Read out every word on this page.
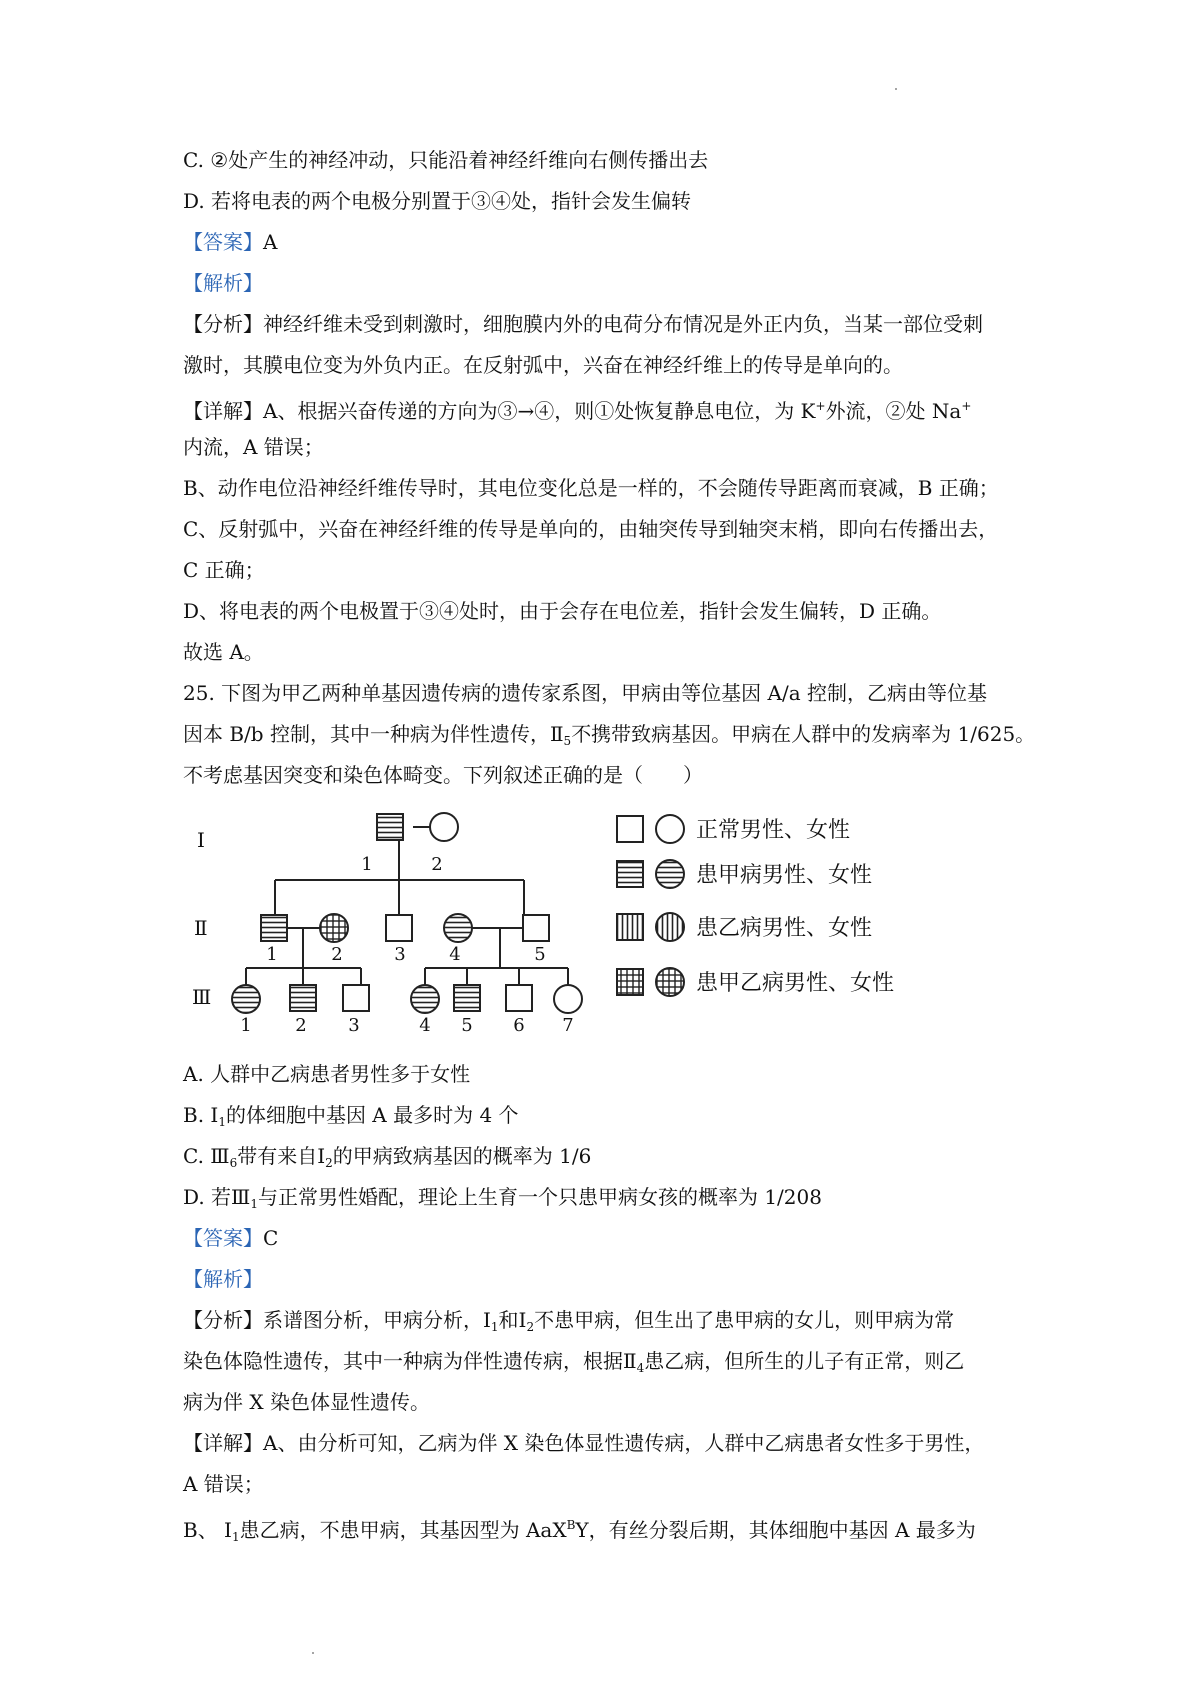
C. ②处产生的神经冲动，只能沿着神经纤维向右侧传播出去
D. 若将电表的两个电极分别置于③④处，指针会发生偏转
【答案】A
【解析】
【分析】神经纤维未受到刺激时，细胞膜内外的电荷分布情况是外正内负，当某一部位受刺
激时，其膜电位变为外负内正。在反射弧中，兴奋在神经纤维上的传导是单向的。
【详解】A、根据兴奋传递的方向为③→④，则①处恢复静息电位，为 K+外流，②处 Na+
内流，A 错误；
B、动作电位沿神经纤维传导时，其电位变化总是一样的，不会随传导距离而衰减，B 正确；
C、反射弧中，兴奋在神经纤维的传导是单向的，由轴突传导到轴突末梢，即向右传播出去，
C 正确；
D、将电表的两个电极置于③④处时，由于会存在电位差，指针会发生偏转，D 正确。
故选 A。
25. 下图为甲乙两种单基因遗传病的遗传家系图，甲病由等位基因 A/a 控制，乙病由等位基
因本 B/b 控制，其中一种病为伴性遗传，$Ⅱ_5$不携带致病基因。甲病在人群中的发病率为 1/625。
不考虑基因突变和染色体畸变。下列叙述正确的是（　　）
Ⅰ
Ⅱ
Ⅲ
1	2
1	2	3 4	5
1 2 3	4 5 6 7
正常男性、女性
患甲病男性、女性
患乙病男性、女性
患甲乙病男性、女性
A. 人群中乙病患者男性多于女性
B. $Ⅰ_1$的体细胞中基因 A 最多时为 4 个
C. $Ⅲ_6$带有来自$Ⅰ_2$的甲病致病基因的概率为 1/6
D. 若$Ⅲ_1$与正常男性婚配，理论上生育一个只患甲病女孩的概率为 1/208
【答案】C
【解析】
【分析】系谱图分析，甲病分析，$Ⅰ_1$和$Ⅰ_2$不患甲病，但生出了患甲病的女儿，则甲病为常
染色体隐性遗传，其中一种病为伴性遗传病，根据$Ⅱ_4$患乙病，但所生的儿子有正常，则乙
病为伴 X 染色体显性遗传。
【详解】A、由分析可知，乙病为伴 X 染色体显性遗传病，人群中乙病患者女性多于男性，
A 错误；
B、 $Ⅰ_1$患乙病，不患甲病，其基因型为 AaX$^B$Y，有丝分裂后期，其体细胞中基因 A 最多为
